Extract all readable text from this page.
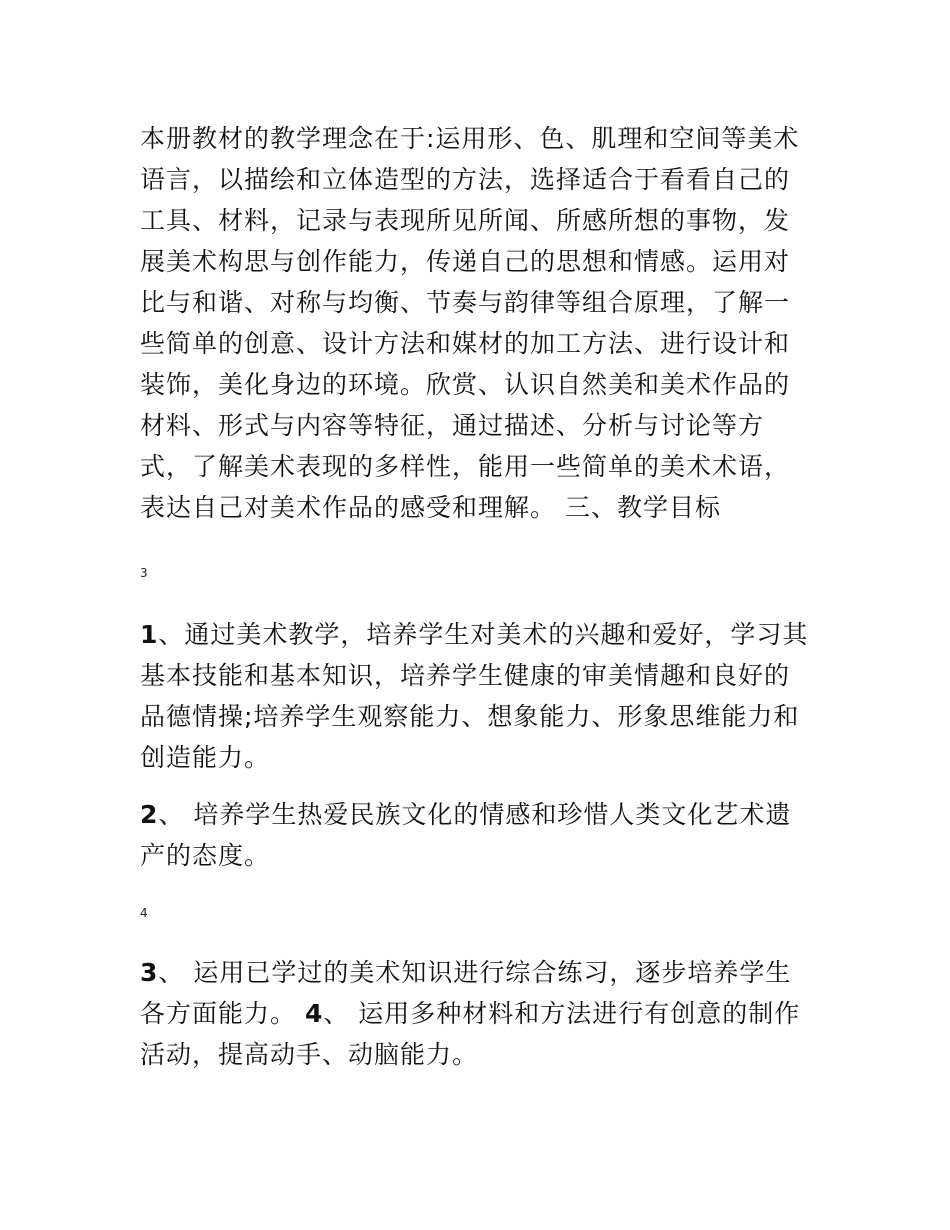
本册教材的教学理念在于:运用形、色、肌理和空间等美术语言，以描绘和立体造型的方法，选择适合于看看自己的工具、材料，记录与表现所见所闻、所感所想的事物，发展美术构思与创作能力，传递自己的思想和情感。运用对比与和谐、对称与均衡、节奏与韵律等组合原理，了解一些简单的创意、设计方法和媒材的加工方法、进行设计和装饰，美化身边的环境。欣赏、认识自然美和美术作品的材料、形式与内容等特征，通过描述、分析与讨论等方式，了解美术表现的多样性，能用一些简单的美术术语，表达自己对美术作品的感受和理解。 三、教学目标

3

1、通过美术教学，培养学生对美术的兴趣和爱好，学习其基本技能和基本知识，培养学生健康的审美情趣和良好的品德情操;培养学生观察能力、想象能力、形象思维能力和创造能力。

2、 培养学生热爱民族文化的情感和珍惜人类文化艺术遗产的态度。

4

3、 运用已学过的美术知识进行综合练习，逐步培养学生各方面能力。 4、 运用多种材料和方法进行有创意的制作活动，提高动手、动脑能力。
